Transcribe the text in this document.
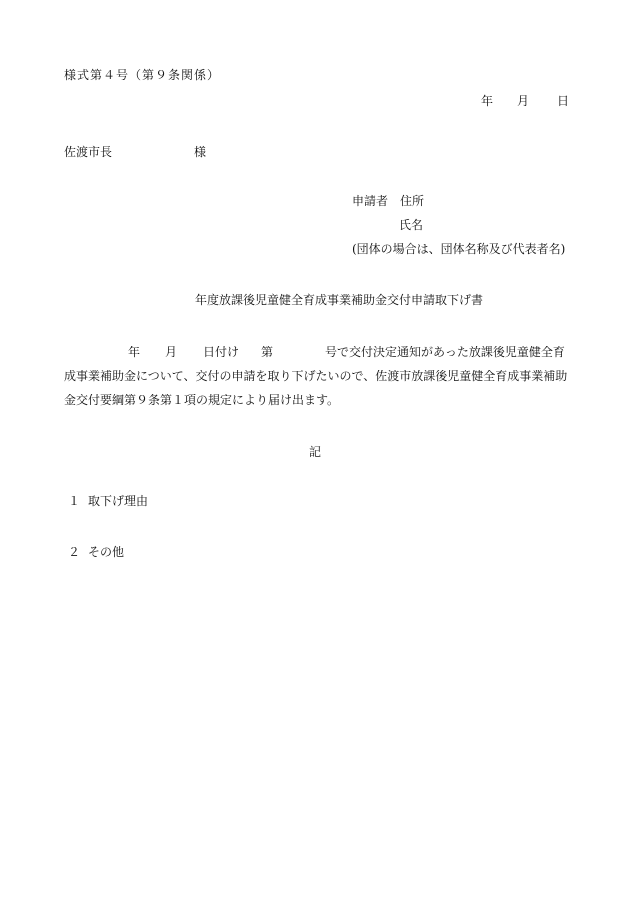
様式第４号（第９条関係）
年 月 日
佐渡市長	様
申請者 住所
氏名
(団体の場合は、団体名称及び代表者名)
年度放課後児童健全育成事業補助金交付申請取下げ書
年 月 日付け 第	号で交付決定通知があった放課後児童健全育
成事業補助金について、交付の申請を取り下げたいので、佐渡市放課後児童健全育成事業補助
金交付要綱第９条第１項の規定により届け出ます。
記
１ 取下げ理由
２ その他
